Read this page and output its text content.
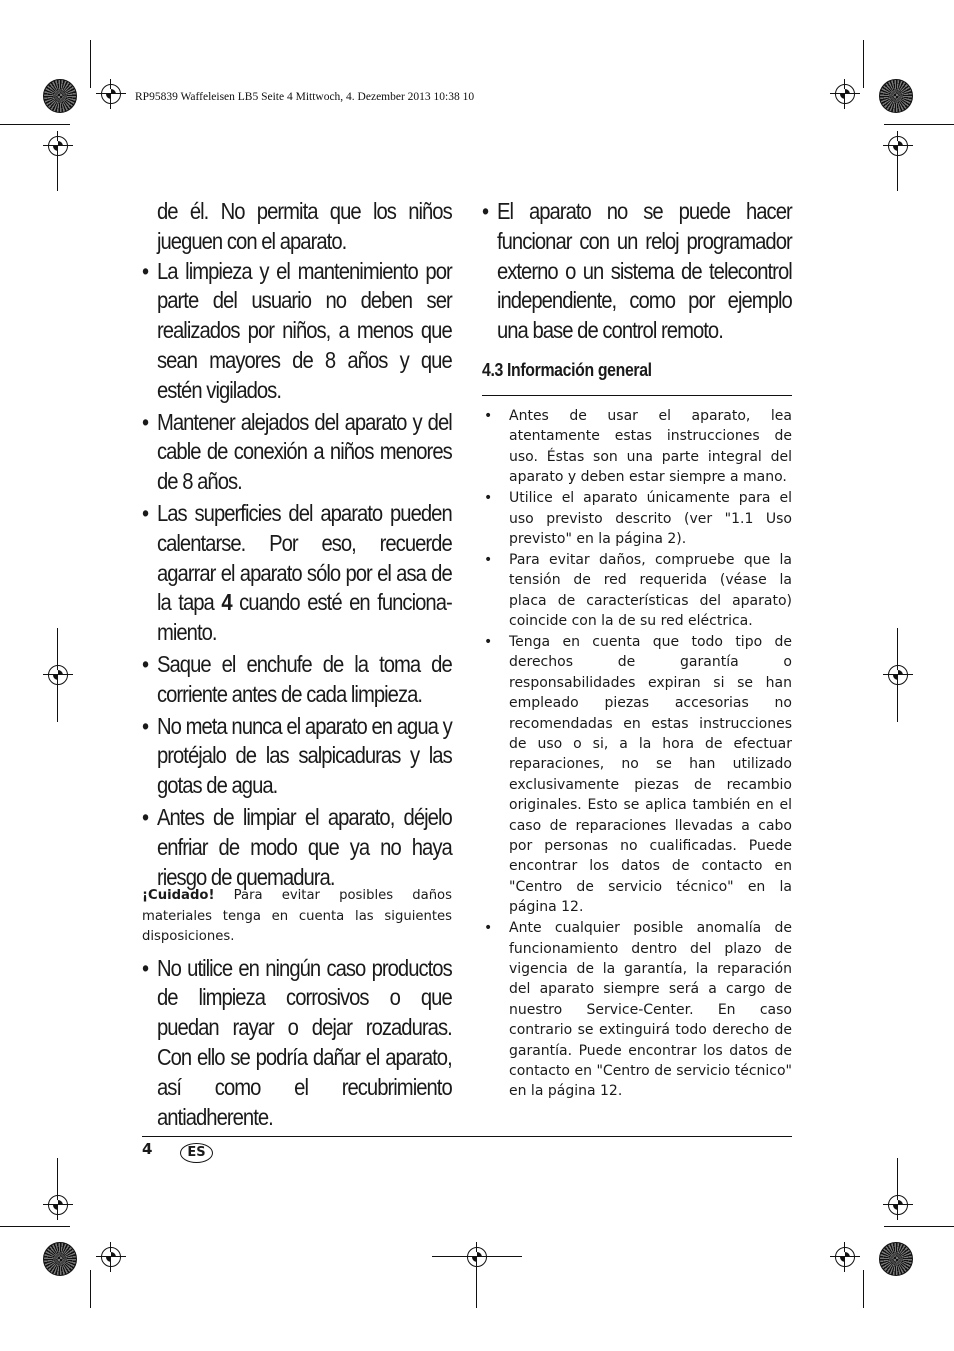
RP95839 Waffeleisen LB5 Seite 4 Mittwoch, 4. Dezember 2013 10:38 10

de él. No permita que los niños jueguen con el aparato.

• La limpieza y el mantenimiento por parte del usuario no deben ser realizados por niños, a menos que sean mayores de 8 años y que estén vigilados.
• Mantener alejados del aparato y del cable de conexión a niños menores de 8 años.
• Las superficies del aparato pueden calentarse. Por eso, recuerde agarrar el aparato sólo por el asa de la tapa 4 cuando esté en funciona-miento.
• Saque el enchufe de la toma de corriente antes de cada limpieza.
• No meta nunca el aparato en agua y protéjalo de las salpicaduras y las gotas de agua.
• Antes de limpiar el aparato, déjelo enfriar de modo que ya no haya riesgo de quemadura.
¡Cuidado! Para evitar posibles daños materiales tenga en cuenta las siguientes disposiciones.
• No utilice en ningún caso productos de limpieza corrosivos o que puedan rayar o dejar rozaduras. Con ello se podría dañar el aparato, así como el recubrimiento antiadherente.
• El aparato no se puede hacer funcionar con un reloj programador externo o un sistema de telecontrol independiente, como por ejemplo una base de control remoto.
4.3 Información general
• Antes de usar el aparato, lea atentamente estas instrucciones de uso. Éstas son una parte integral del aparato y deben estar siempre a mano.
• Utilice el aparato únicamente para el uso previsto descrito (ver "1.1 Uso previsto" en la página 2).
• Para evitar daños, compruebe que la tensión de red requerida (véase la placa de características del aparato) coincide con la de su red eléctrica.
• Tenga en cuenta que todo tipo de derechos de garantía o responsabilidades expiran si se han empleado piezas accesorias no recomendadas en estas instrucciones de uso o si, a la hora de efectuar reparaciones, no se han utilizado exclusivamente piezas de recambio originales. Esto se aplica también en el caso de reparaciones llevadas a cabo por personas no cualificadas. Puede encontrar los datos de contacto en "Centro de servicio técnico" en la página 12.
• Ante cualquier posible anomalía de funcionamiento dentro del plazo de vigencia de la garantía, la reparación del aparato siempre será a cargo de nuestro Service-Center. En caso contrario se extinguirá todo derecho de garantía. Puede encontrar los datos de contacto en "Centro de servicio técnico" en la página 12.
4	ES
